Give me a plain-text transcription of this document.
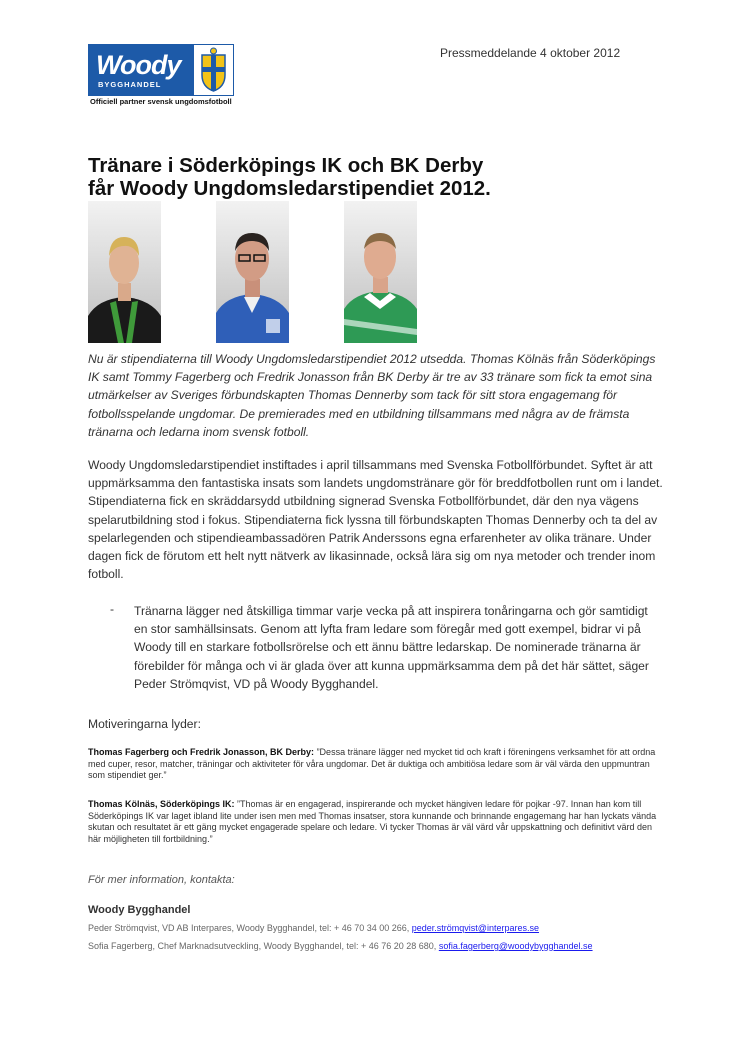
Woody
BYGGHANDEL
Officiell partner svensk ungdomsfotboll
Pressmeddelande 4 oktober 2012
Tränare i Söderköpings IK och BK Derby
får Woody Ungdomsledarstipendiet 2012.
Nu är stipendiaterna till Woody Ungdomsledarstipendiet 2012 utsedda. Thomas Kölnäs från Söderköpings IK samt Tommy Fagerberg och Fredrik Jonasson från BK Derby är tre av 33 tränare som fick ta emot sina utmärkelser av Sveriges förbundskapten Thomas Dennerby som tack för sitt stora engagemang för fotbollsspelande ungdomar. De premierades med en utbildning tillsammans med några av de främsta tränarna och ledarna inom svensk fotboll.
Woody Ungdomsledarstipendiet instiftades i april tillsammans med Svenska Fotbollförbundet. Syftet är att uppmärksamma den fantastiska insats som landets ungdomstränare gör för breddfotbollen runt om i landet. Stipendiaterna fick en skräddarsydd utbildning signerad Svenska Fotbollförbundet, där den nya vägens spelarutbildning stod i fokus. Stipendiaterna fick lyssna till förbundskapten Thomas Dennerby och ta del av spelarlegenden och stipendieambassadören Patrik Anderssons egna erfarenheter av olika tränare. Under dagen fick de förutom ett helt nytt nätverk av likasinnade, också lära sig om nya metoder och trender inom fotboll.
- Tränarna lägger ned åtskilliga timmar varje vecka på att inspirera tonåringarna och gör samtidigt en stor samhällsinsats. Genom att lyfta fram ledare som föregår med gott exempel, bidrar vi på Woody till en starkare fotbollsrörelse och ett ännu bättre ledarskap. De nominerade tränarna är förebilder för många och vi är glada över att kunna uppmärksamma dem på det här sättet, säger Peder Strömqvist, VD på Woody Bygghandel.
Motiveringarna lyder:
Thomas Fagerberg och Fredrik Jonasson, BK Derby: ”Dessa tränare lägger ned mycket tid och kraft i föreningens verksamhet för att ordna med cuper, resor, matcher, träningar och aktiviteter för våra ungdomar. Det är duktiga och ambitiösa ledare som är väl värda den uppmuntran som stipendiet ger.”
Thomas Kölnäs, Söderköpings IK: ”Thomas är en engagerad, inspirerande och mycket hängiven ledare för pojkar -97. Innan han kom till Söderköpings IK var laget ibland lite under isen men med Thomas insatser, stora kunnande och brinnande engagemang har han lyckats vända skutan och resultatet är ett gäng mycket engagerade spelare och ledare. Vi tycker Thomas är väl värd vår uppskattning och definitivt värd den här möjligheten till fortbildning.”
För mer information, kontakta:
Woody Bygghandel
Peder Strömqvist, VD AB Interpares, Woody Bygghandel, tel: + 46 70 34 00 266, peder.strömqvist@interpares.se
Sofia Fagerberg, Chef Marknadsutveckling, Woody Bygghandel, tel: + 46 76 20 28 680, sofia.fagerberg@woodybygghandel.se
